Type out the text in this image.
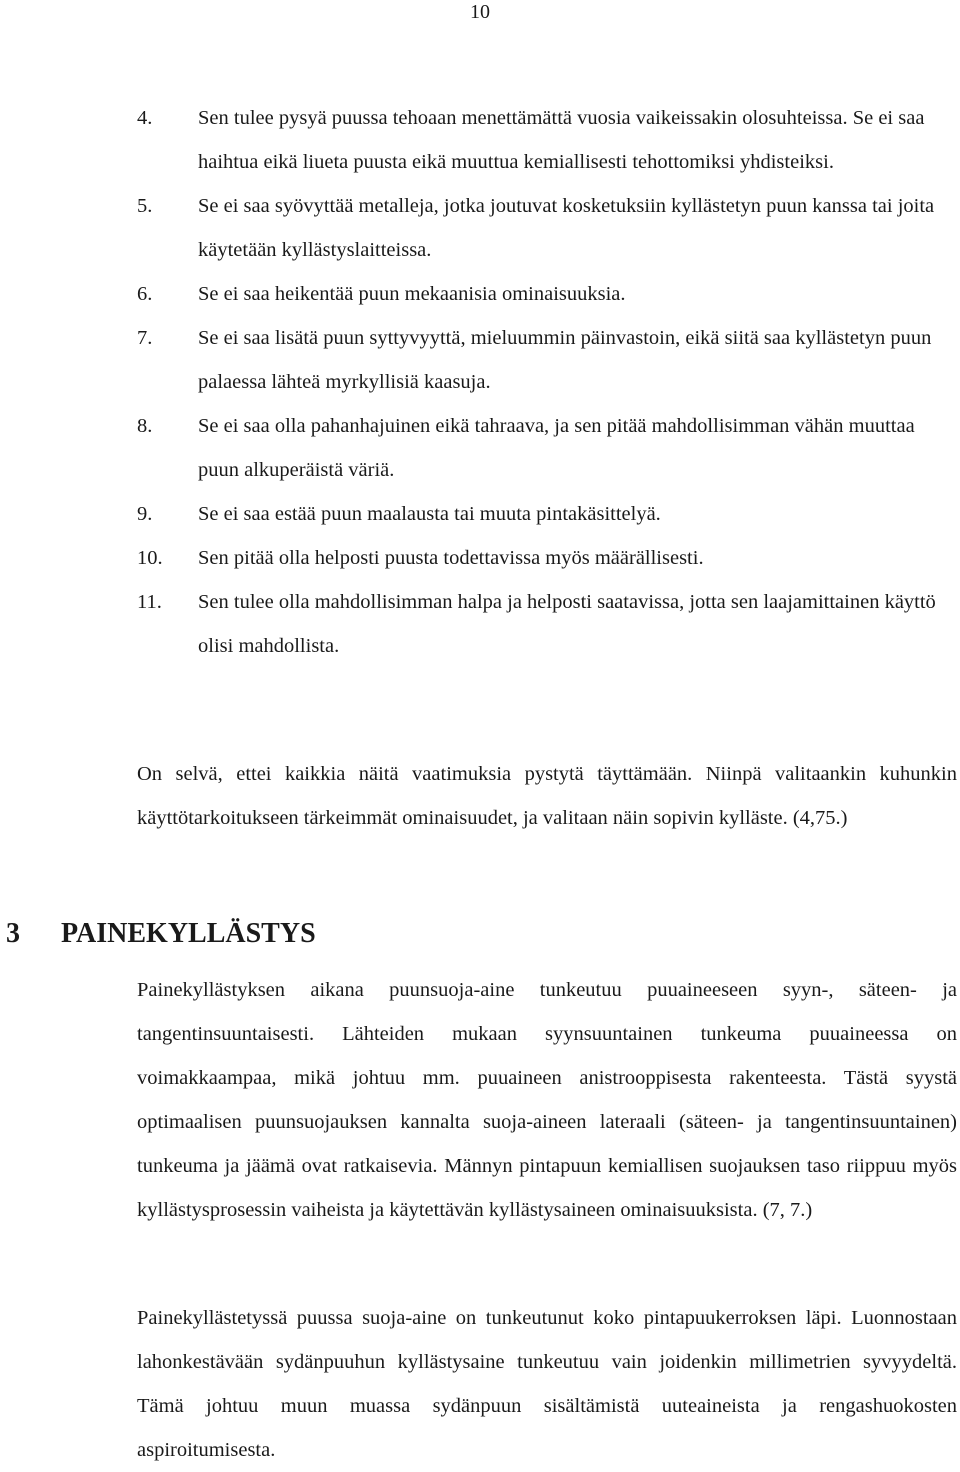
10
4. Sen tulee pysyä puussa tehoaan menettämättä vuosia vaikeissakin olosuhteissa. Se ei saa haihtua eikä liueta puusta eikä muuttua kemiallisesti tehottomiksi yhdisteiksi.
5. Se ei saa syövyttää metalleja, jotka joutuvat kosketuksiin kyllästetyn puun kanssa tai joita käytetään kyllästyslaitteissa.
6. Se ei saa heikentää puun mekaanisia ominaisuuksia.
7. Se ei saa lisätä puun syttyvyyttä, mieluummin päinvastoin, eikä siitä saa kyllästetyn puun palaessa lähteä myrkyllisiä kaasuja.
8. Se ei saa olla pahanhajuinen eikä tahraava, ja sen pitää mahdollisimman vähän muuttaa puun alkuperäistä väriä.
9. Se ei saa estää puun maalausta tai muuta pintakäsittelyä.
10. Sen pitää olla helposti puusta todettavissa myös määrällisesti.
11. Sen tulee olla mahdollisimman halpa ja helposti saatavissa, jotta sen laajamittainen käyttö olisi mahdollista.

On selvä, ettei kaikkia näitä vaatimuksia pystytä täyttämään. Niinpä valitaankin kuhunkin käyttötarkoitukseen tärkeimmät ominaisuudet, ja valitaan näin sopivin kylläste. (4,75.)

3 PAINEKYLLÄSTYS

Painekyllästyksen aikana puunsuoja-aine tunkeutuu puuaineeseen syyn-, säteen- ja tangentinsuuntaisesti. Lähteiden mukaan syynsuuntainen tunkeuma puuaineessa on voimakkaampaa, mikä johtuu mm. puuaineen anistrooppisesta rakenteesta. Tästä syystä optimaalisen puunsuojauksen kannalta suoja-aineen lateraali (säteen- ja tangentinsuuntainen) tunkeuma ja jäämä ovat ratkaisevia. Männyn pintapuun kemiallisen suojauksen taso riippuu myös kyllästysprosessin vaiheista ja käytettävän kyllästysaineen ominaisuuksista. (7, 7.)

Painekyllästetyssä puussa suoja-aine on tunkeutunut koko pintapuukerroksen läpi. Luonnostaan lahonkestävään sydänpuuhun kyllästysaine tunkeutuu vain joidenkin millimetrien syvyydeltä. Tämä johtuu muun muassa sydänpuun sisältämistä uuteaineista ja rengashuokosten aspiroitumisesta.
